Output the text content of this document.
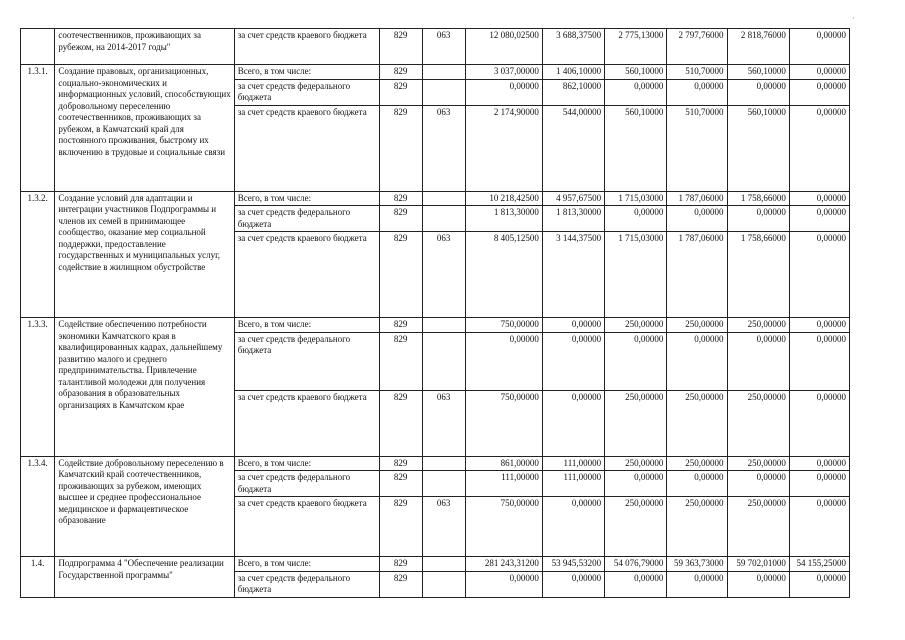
·
	соотечественников, проживающих за рубежом, на 2014-2017 годы"	за счет средств краевого бюджета	829	063	12 080,02500	3 688,37500	2 775,13000	2 797,76000	2 818,76000	0,00000
1.3.1.	Создание правовых, организационных, социально-экономических и информационных условий, способствующих добровольному переселению соотечественников, проживающих за рубежом, в Камчатский край для постоянного проживания, быстрому их включению в трудовые и социальные связи	Всего, в том числе:	829		3 037,00000	1 406,10000	560,10000	510,70000	560,10000	0,00000
		за счет средств федерального бюджета	829		0,00000	862,10000	0,00000	0,00000	0,00000	0,00000
		за счет средств краевого бюджета	829	063	2 174,90000	544,00000	560,10000	510,70000	560,10000	0,00000
1.3.2.	Создание условий для адаптации и интеграции участников Подпрограммы и членов их семей в принимающее сообщество, оказание мер социальной поддержки, предоставление государственных и муниципальных услуг, содействие в жилищном обустройстве	Всего, в том числе:	829		10 218,42500	4 957,67500	1 715,03000	1 787,06000	1 758,66000	0,00000
		за счет средств федерального бюджета	829		1 813,30000	1 813,30000	0,00000	0,00000	0,00000	0,00000
		за счет средств краевого бюджета	829	063	8 405,12500	3 144,37500	1 715,03000	1 787,06000	1 758,66000	0,00000
1.3.3.	Содействие обеспечению потребности экономики Камчатского края в квалифицированных кадрах, дальнейшему развитию малого и среднего предпринимательства. Привлечение талантливой молодежи для получения образования в образовательных организациях в Камчатском крае	Всего, в том числе:	829		750,00000	0,00000	250,00000	250,00000	250,00000	0,00000
		за счет средств федерального бюджета	829		0,00000	0,00000	0,00000	0,00000	0,00000	0,00000
		за счет средств краевого бюджета	829	063	750,00000	0,00000	250,00000	250,00000	250,00000	0,00000
1.3.4.	Содействие добровольному переселению в Камчатский край соотечественников, проживающих за рубежом, имеющих высшее и среднее профессиональное медицинское и фармацевтическое образование	Всего, в том числе:	829		861,00000	111,00000	250,00000	250,00000	250,00000	0,00000
		за счет средств федерального бюджета	829		111,00000	111,00000	0,00000	0,00000	0,00000	0,00000
		за счет средств краевого бюджета	829	063	750,00000	0,00000	250,00000	250,00000	250,00000	0,00000
1.4.	Подпрограмма 4 "Обеспечение реализации Государственной программы"	Всего, в том числе:	829		281 243,31200	53 945,53200	54 076,79000	59 363,73000	59 702,01000	54 155,25000
		за счет средств федерального бюджета	829		0,00000	0,00000	0,00000	0,00000	0,00000	0,00000
